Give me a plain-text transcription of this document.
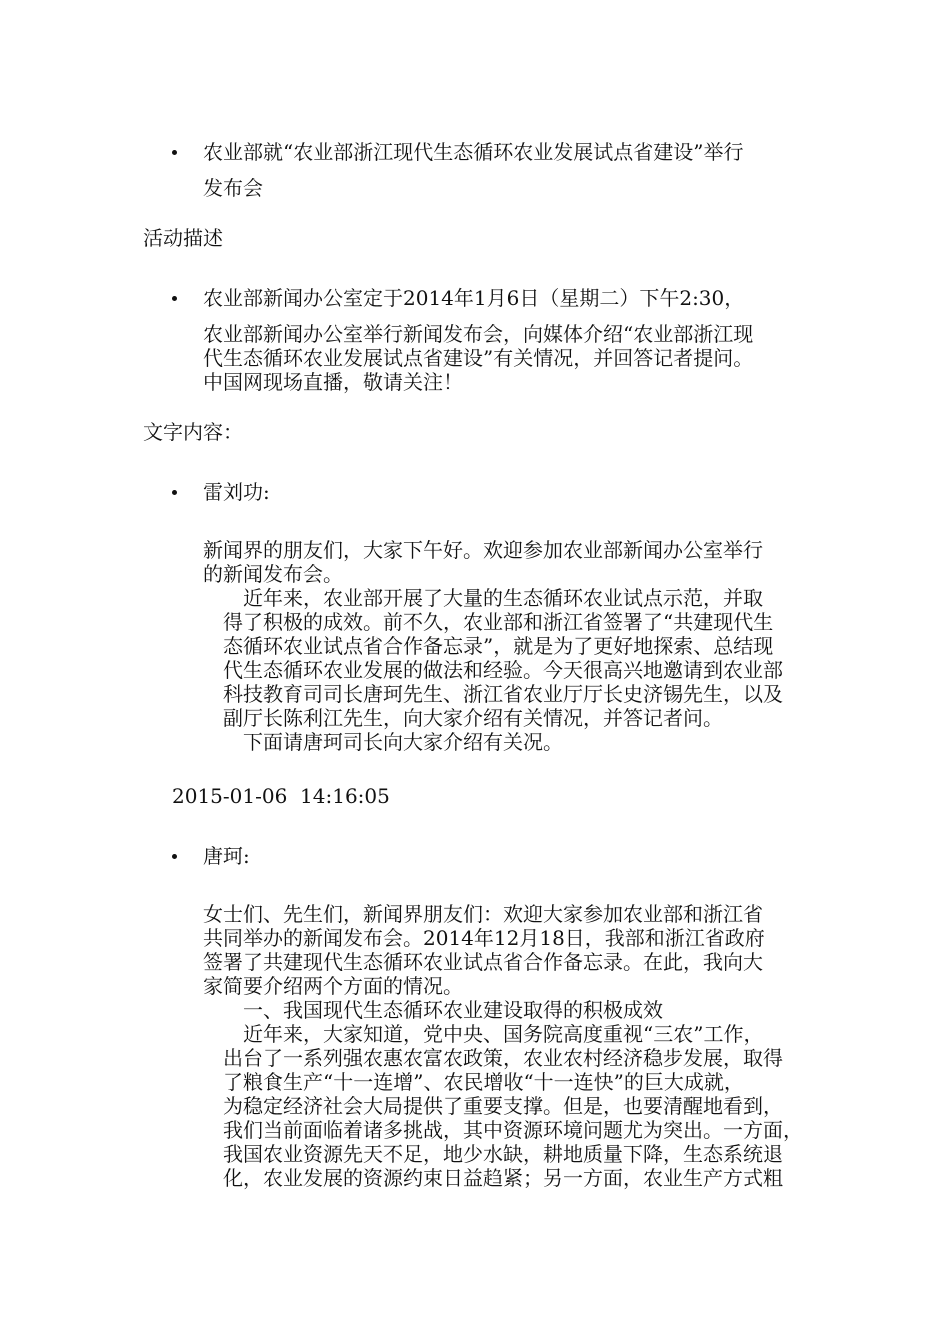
农业部就“农业部浙江现代生态循环农业发展试点省建设”举行
发布会
活动描述
农业部新闻办公室定于2014年1月6日（星期二）下午2:30，

农业部新闻办公室举行新闻发布会，向媒体介绍“农业部浙江现

代生态循环农业发展试点省建设”有关情况，并回答记者提问。

中国网现场直播，敬请关注！

文字内容：
雷刘功:

新闻界的朋友们，大家下午好。欢迎参加农业部新闻办公室举行

的新闻发布会。

　　近年来，农业部开展了大量的生态循环农业试点示范，并取

　得了积极的成效。前不久，农业部和浙江省签署了“共建现代生

　态循环农业试点省合作备忘录”，就是为了更好地探索、总结现

　代生态循环农业发展的做法和经验。今天很高兴地邀请到农业部

　科技教育司司长唐珂先生、浙江省农业厅厅长史济锡先生，以及

　副厅长陈利江先生，向大家介绍有关情况，并答记者问。

　　下面请唐珂司长向大家介绍有关况。

2015-01-06  14:16:05
唐珂:

女士们、先生们，新闻界朋友们：欢迎大家参加农业部和浙江省

共同举办的新闻发布会。2014年12月18日，我部和浙江省政府

签署了共建现代生态循环农业试点省合作备忘录。在此，我向大

家简要介绍两个方面的情况。

　　一、我国现代生态循环农业建设取得的积极成效

　　近年来，大家知道，党中央、国务院高度重视“三农”工作，

　出台了一系列强农惠农富农政策，农业农村经济稳步发展，取得

　了粮食生产“十一连增”、农民增收“十一连快”的巨大成就，

　为稳定经济社会大局提供了重要支撑。但是，也要清醒地看到，

　我们当前面临着诸多挑战，其中资源环境问题尤为突出。一方面，

　我国农业资源先天不足，地少水缺，耕地质量下降，生态系统退

　化，农业发展的资源约束日益趋紧；另一方面，农业生产方式粗
